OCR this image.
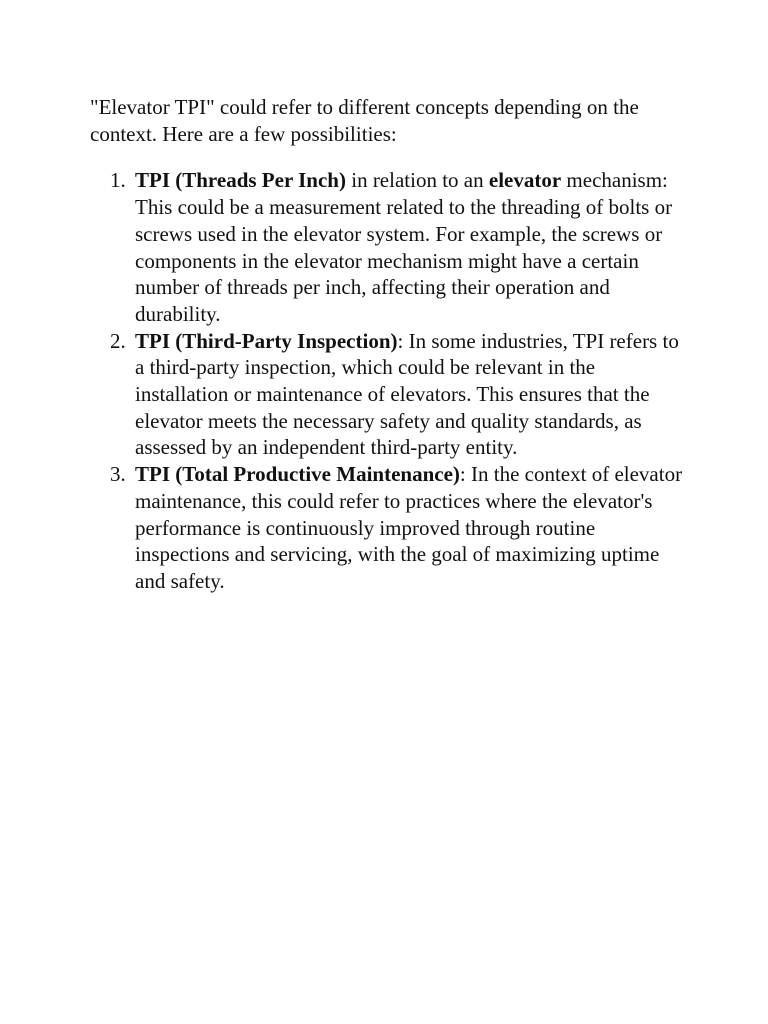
"Elevator TPI" could refer to different concepts depending on the context. Here are a few possibilities:

1. TPI (Threads Per Inch) in relation to an elevator mechanism: This could be a measurement related to the threading of bolts or screws used in the elevator system. For example, the screws or components in the elevator mechanism might have a certain number of threads per inch, affecting their operation and durability.
2. TPI (Third-Party Inspection): In some industries, TPI refers to a third-party inspection, which could be relevant in the installation or maintenance of elevators. This ensures that the elevator meets the necessary safety and quality standards, as assessed by an independent third-party entity.
3. TPI (Total Productive Maintenance): In the context of elevator maintenance, this could refer to practices where the elevator's performance is continuously improved through routine inspections and servicing, with the goal of maximizing uptime and safety.
